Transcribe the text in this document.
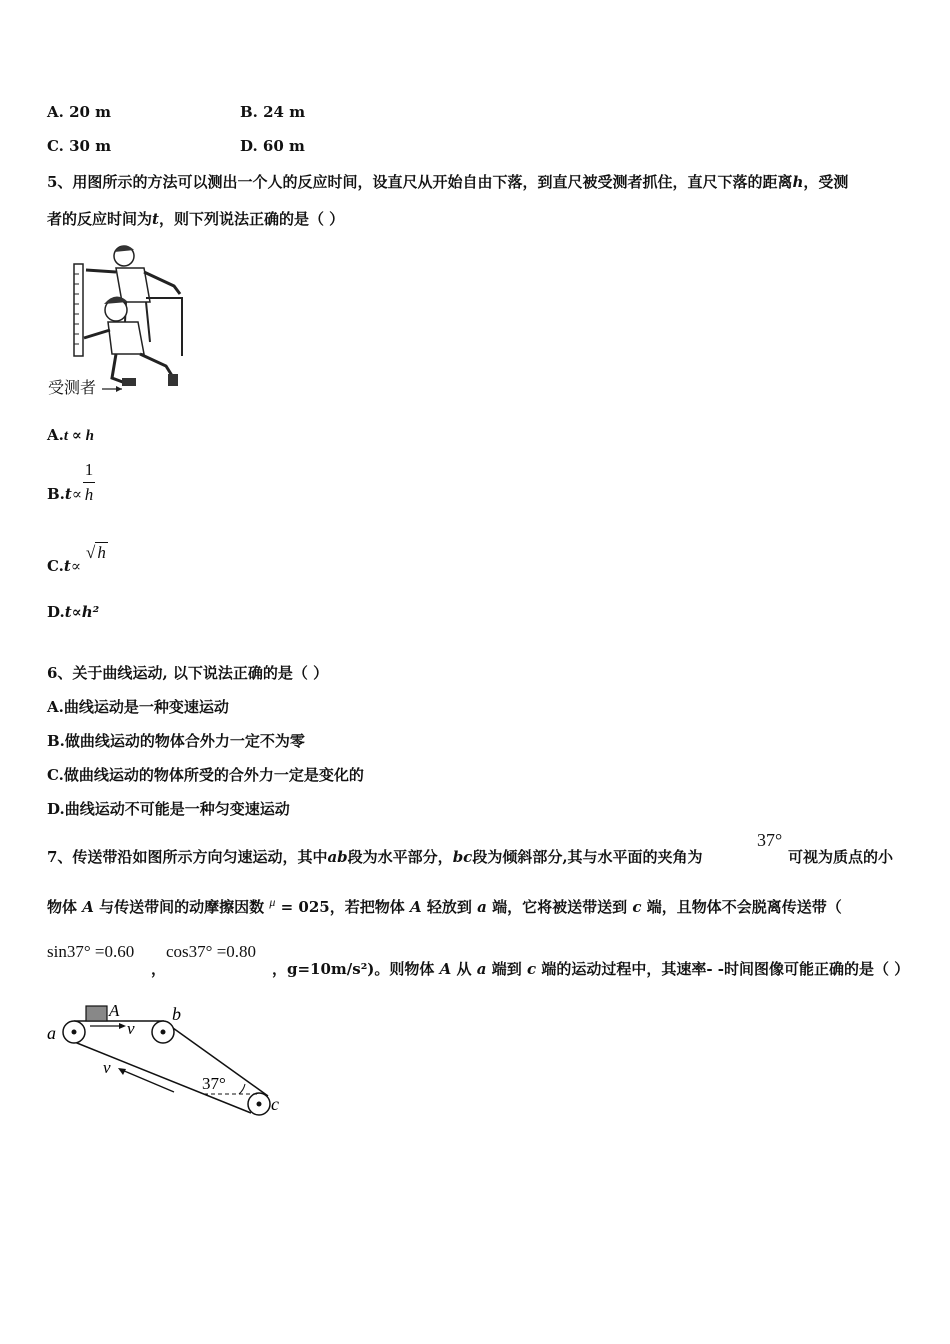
A. 20 m	B. 24 m
C. 30 m	D. 60 m
5、用图所示的方法可以测出一个人的反应时间，设直尺从开始自由下落，到直尺被受测者抓住，直尺下落的距离h，受测
者的反应时间为t，则下列说法正确的是（ ）
受测者
A.t ∝ h
B.t∝
1
h
C.t∝
√ h
D.t∝h²
6、关于曲线运动, 以下说法正确的是（ ）
A.曲线运动是一种变速运动
B.做曲线运动的物体合外力一定不为零
C.做曲线运动的物体所受的合外力一定是变化的
D.曲线运动不可能是一种匀变速运动
7、传送带沿如图所示方向匀速运动，其中ab段为水平部分，bc段为倾斜部分,其与水平面的夹角为
37°
可视为质点的小
物体 A 与传送带间的动摩擦因数 $^\mu$ = 025，若把物体 A 轻放到 a 端，它将被送带送到 c 端，且物体不会脱离传送带（
sin37° =0.60
，
cos37° =0.80
，g=10m/s²)。则物体 A 从 a 端到 c 端的运动过程中，其速率- -时间图像可能正确的是（ ）
a
b
c
A
v
v
37°
